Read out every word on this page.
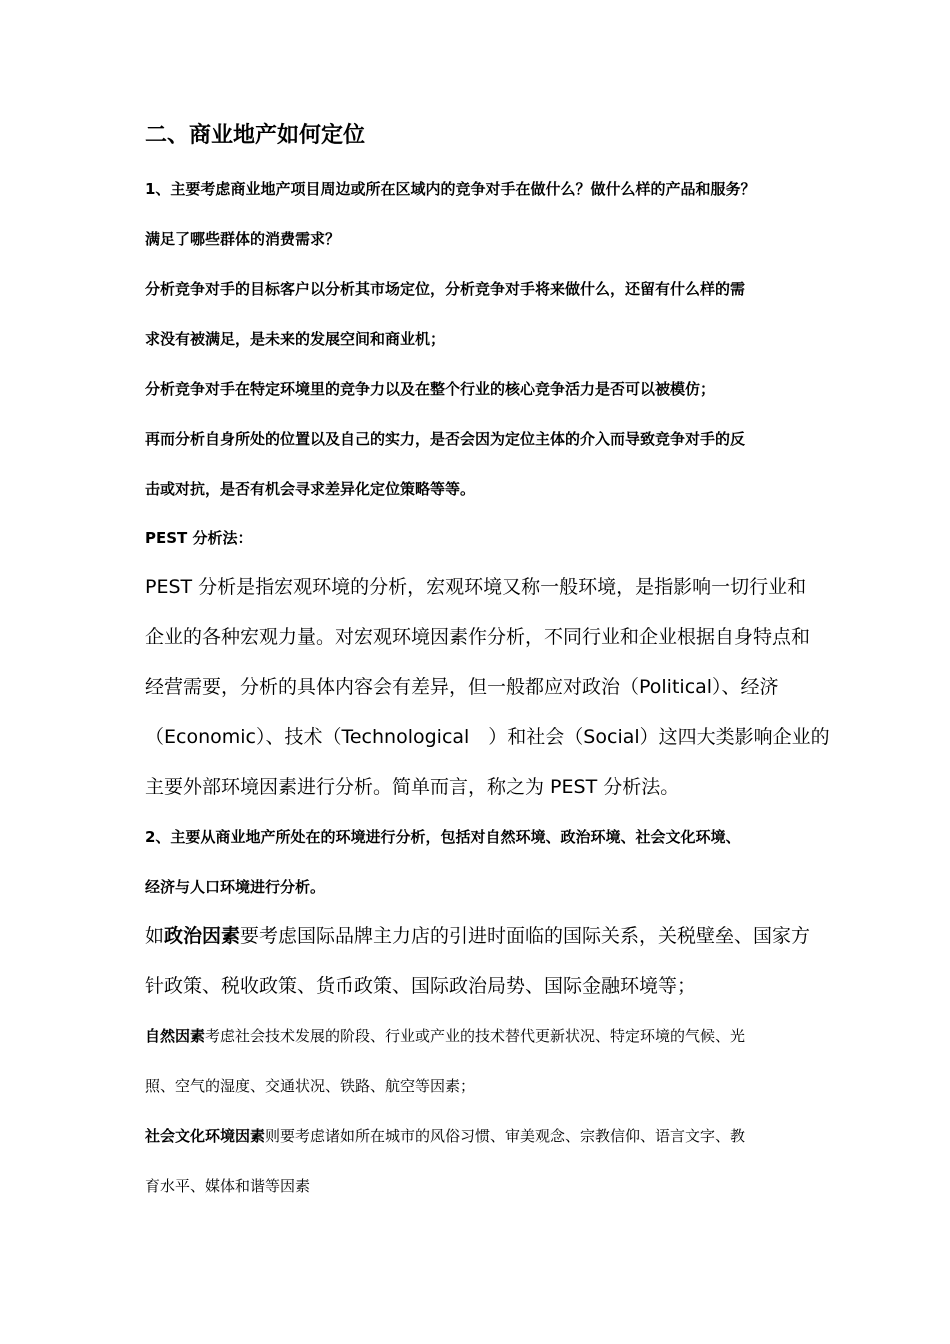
二、商业地产如何定位
1、主要考虑商业地产项目周边或所在区域内的竞争对手在做什么？做什么样的产品和服务？
满足了哪些群体的消费需求？
分析竞争对手的目标客户以分析其市场定位，分析竞争对手将来做什么，还留有什么样的需
求没有被满足，是未来的发展空间和商业机；
分析竞争对手在特定环境里的竞争力以及在整个行业的核心竞争活力是否可以被模仿；
再而分析自身所处的位置以及自己的实力，是否会因为定位主体的介入而导致竞争对手的反
击或对抗，是否有机会寻求差异化定位策略等等。
PEST 分析法：
PEST 分析是指宏观环境的分析，宏观环境又称一般环境，是指影响一切行业和
企业的各种宏观力量。对宏观环境因素作分析，不同行业和企业根据自身特点和
经营需要，分析的具体内容会有差异，但一般都应对政治（Political）、经济
（Economic）、技术（Technological　）和社会（Social）这四大类影响企业的
主要外部环境因素进行分析。简单而言，称之为 PEST 分析法。
2、主要从商业地产所处在的环境进行分析，包括对自然环境、政治环境、社会文化环境、
经济与人口环境进行分析。
如政治因素要考虑国际品牌主力店的引进时面临的国际关系，关税壁垒、国家方
针政策、税收政策、货币政策、国际政治局势、国际金融环境等；
自然因素考虑社会技术发展的阶段、行业或产业的技术替代更新状况、特定环境的气候、光
照、空气的湿度、交通状况、铁路、航空等因素；
社会文化环境因素则要考虑诸如所在城市的风俗习惯、审美观念、宗教信仰、语言文字、教
育水平、媒体和谐等因素
